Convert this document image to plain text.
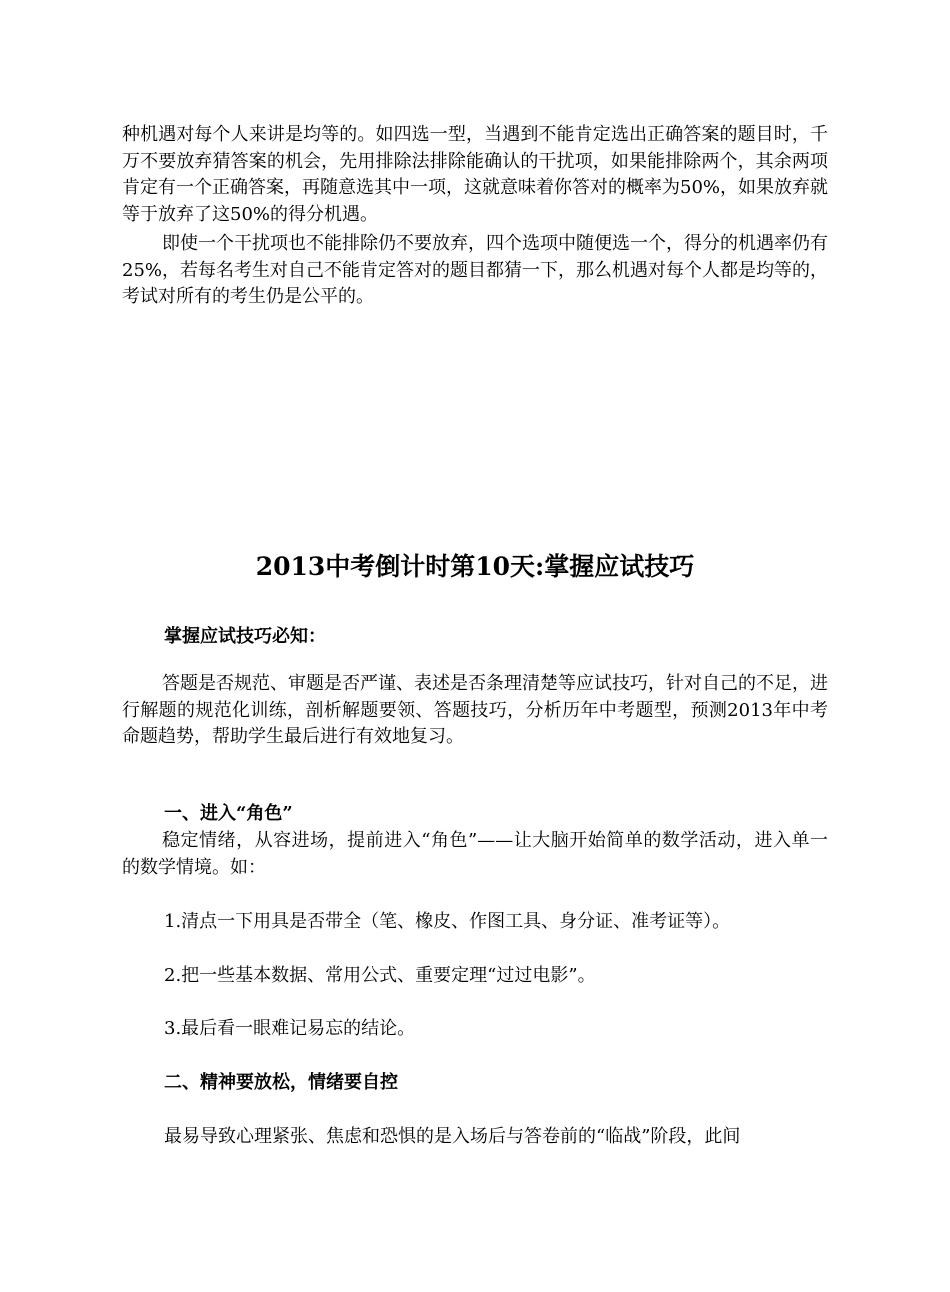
种机遇对每个人来讲是均等的。如四选一型，当遇到不能肯定选出正确答案的题目时，千万不要放弃猜答案的机会，先用排除法排除能确认的干扰项，如果能排除两个，其余两项肯定有一个正确答案，再随意选其中一项，这就意味着你答对的概率为50%，如果放弃就等于放弃了这50%的得分机遇。

即使一个干扰项也不能排除仍不要放弃，四个选项中随便选一个，得分的机遇率仍有25%，若每名考生对自己不能肯定答对的题目都猜一下，那么机遇对每个人都是均等的，考试对所有的考生仍是公平的。

2013中考倒计时第10天:掌握应试技巧

掌握应试技巧必知：

答题是否规范、审题是否严谨、表述是否条理清楚等应试技巧，针对自己的不足，进行解题的规范化训练，剖析解题要领、答题技巧，分析历年中考题型，预测2013年中考命题趋势，帮助学生最后进行有效地复习。

一、进入“角色”

稳定情绪，从容进场，提前进入“角色”——让大脑开始简单的数学活动，进入单一的数学情境。如：

1.清点一下用具是否带全（笔、橡皮、作图工具、身分证、准考证等）。

2.把一些基本数据、常用公式、重要定理“过过电影”。

3.最后看一眼难记易忘的结论。

二、精神要放松，情绪要自控

最易导致心理紧张、焦虑和恐惧的是入场后与答卷前的“临战”阶段，此间
